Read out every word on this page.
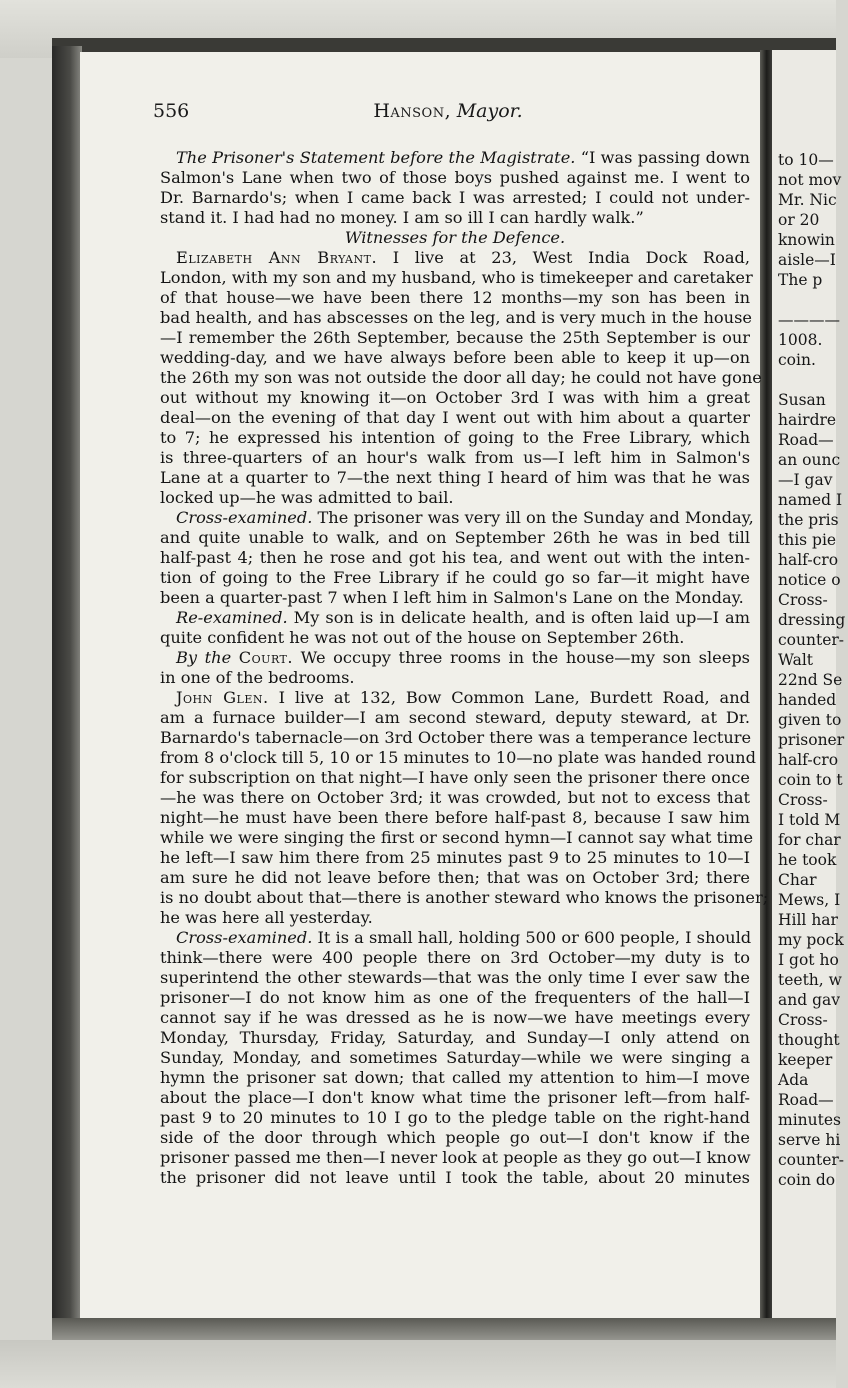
to 10—
not mov
Mr. Nic
or 20
knowin
aisle—I
The p
————
1008.
coin.
Susan
hairdre
Road—
an ounc
—I gav
named I
the pris
this pie
half-cro
notice o
Cross-
dressing
counter-
Walt
22nd Se
handed
given to
prisoner
half-cro
coin to t
Cross-
I told M
for char
he took
Char
Mews, I
Hill har
my pock
I got ho
teeth, w
and gav
Cross-
thought
keeper
Ada
Road—
minutes
serve hi
counter-
coin do
556	Hanson, Mayor.
The Prisoner's Statement before the Magistrate. “I was passing down
Salmon's Lane when two of those boys pushed against me. I went to
Dr. Barnardo's; when I came back I was arrested; I could not under-
stand it. I had had no money. I am so ill I can hardly walk.”
Witnesses for the Defence.
Elizabeth Ann Bryant. I live at 23, West India Dock Road,
London, with my son and my husband, who is timekeeper and caretaker
of that house—we have been there 12 months—my son has been in
bad health, and has abscesses on the leg, and is very much in the house
—I remember the 26th September, because the 25th September is our
wedding-day, and we have always before been able to keep it up—on
the 26th my son was not outside the door all day; he could not have gone
out without my knowing it—on October 3rd I was with him a great
deal—on the evening of that day I went out with him about a quarter
to 7; he expressed his intention of going to the Free Library, which
is three-quarters of an hour's walk from us—I left him in Salmon's
Lane at a quarter to 7—the next thing I heard of him was that he was
locked up—he was admitted to bail.
Cross-examined. The prisoner was very ill on the Sunday and Monday,
and quite unable to walk, and on September 26th he was in bed till
half-past 4; then he rose and got his tea, and went out with the inten-
tion of going to the Free Library if he could go so far—it might have
been a quarter-past 7 when I left him in Salmon's Lane on the Monday.
Re-examined. My son is in delicate health, and is often laid up—I am
quite confident he was not out of the house on September 26th.
By the Court. We occupy three rooms in the house—my son sleeps
in one of the bedrooms.
John Glen. I live at 132, Bow Common Lane, Burdett Road, and
am a furnace builder—I am second steward, deputy steward, at Dr.
Barnardo's tabernacle—on 3rd October there was a temperance lecture
from 8 o'clock till 5, 10 or 15 minutes to 10—no plate was handed round
for subscription on that night—I have only seen the prisoner there once
—he was there on October 3rd; it was crowded, but not to excess that
night—he must have been there before half-past 8, because I saw him
while we were singing the first or second hymn—I cannot say what time
he left—I saw him there from 25 minutes past 9 to 25 minutes to 10—I
am sure he did not leave before then; that was on October 3rd; there
is no doubt about that—there is another steward who knows the prisoner;
he was here all yesterday.
Cross-examined. It is a small hall, holding 500 or 600 people, I should
think—there were 400 people there on 3rd October—my duty is to
superintend the other stewards—that was the only time I ever saw the
prisoner—I do not know him as one of the frequenters of the hall—I
cannot say if he was dressed as he is now—we have meetings every
Monday, Thursday, Friday, Saturday, and Sunday—I only attend on
Sunday, Monday, and sometimes Saturday—while we were singing a
hymn the prisoner sat down; that called my attention to him—I move
about the place—I don't know what time the prisoner left—from half-
past 9 to 20 minutes to 10 I go to the pledge table on the right-hand
side of the door through which people go out—I don't know if the
prisoner passed me then—I never look at people as they go out—I know
the prisoner did not leave until I took the table, about 20 minutes
